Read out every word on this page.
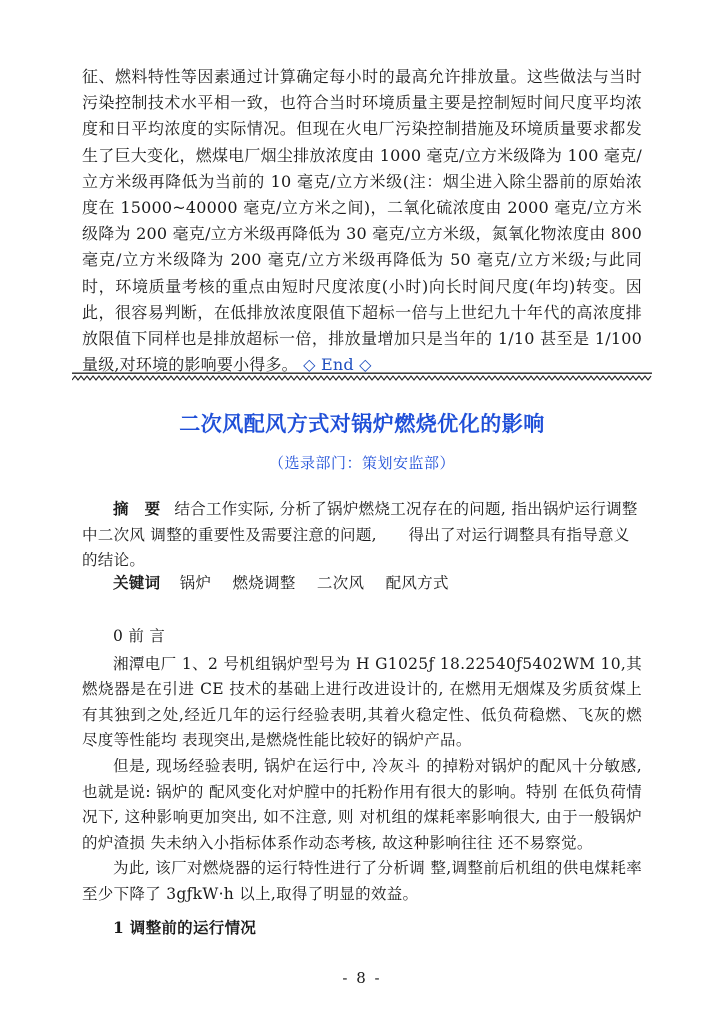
征、燃料特性等因素通过计算确定每小时的最高允许排放量。这些做法与当时污染控制技术水平相一致，也符合当时环境质量主要是控制短时间尺度平均浓度和日平均浓度的实际情况。但现在火电厂污染控制措施及环境质量要求都发生了巨大变化，燃煤电厂烟尘排放浓度由 1000 毫克/立方米级降为 100 毫克/立方米级再降低为当前的 10 毫克/立方米级(注：烟尘进入除尘器前的原始浓度在 15000~40000 毫克/立方米之间)，二氧化硫浓度由 2000 毫克/立方米级降为 200 毫克/立方米级再降低为 30 毫克/立方米级，氮氧化物浓度由 800 毫克/立方米级降为 200 毫克/立方米级再降低为 50 毫克/立方米级;与此同时，环境质量考核的重点由短时尺度浓度(小时)向长时间尺度(年均)转变。因此，很容易判断，在低排放浓度限值下超标一倍与上世纪九十年代的高浓度排放限值下同样也是排放超标一倍，排放量增加只是当年的 1/10 甚至是 1/100 量级,对环境的影响要小得多。 ◇ End ◇
二次风配风方式对锅炉燃烧优化的影响
（选录部门：策划安监部）
摘　要 结合工作实际, 分析了锅炉燃烧工况存在的问题, 指出锅炉运行调整中二次风 调整的重要性及需要注意的问题,　　得出了对运行调整具有指导意义的结论。
关键词 锅炉 燃烧调整 二次风 配风方式

0 前 言

湘潭电厂 1、2 号机组锅炉型号为 H G1025ƒ 18.22540ƒ5402WM 10,其燃烧器是在引进 CE 技术的基础上进行改进设计的, 在燃用无烟煤及劣质贫煤上有其独到之处,经近几年的运行经验表明,其着火稳定性、低负荷稳燃、飞灰的燃尽度等性能均 表现突出,是燃烧性能比较好的锅炉产品。

但是, 现场经验表明, 锅炉在运行中, 冷灰斗 的掉粉对锅炉的配风十分敏感, 也就是说: 锅炉的 配风变化对炉膛中的托粉作用有很大的影响。特别 在低负荷情况下, 这种影响更加突出, 如不注意, 则 对机组的煤耗率影响很大, 由于一般锅炉的炉渣损 失未纳入小指标体系作动态考核, 故这种影响往往 还不易察觉。

为此, 该厂对燃烧器的运行特性进行了分析调 整,调整前后机组的供电煤耗率至少下降了 3gƒkW·h 以上,取得了明显的效益。

1 调整前的运行情况
- 8 -
